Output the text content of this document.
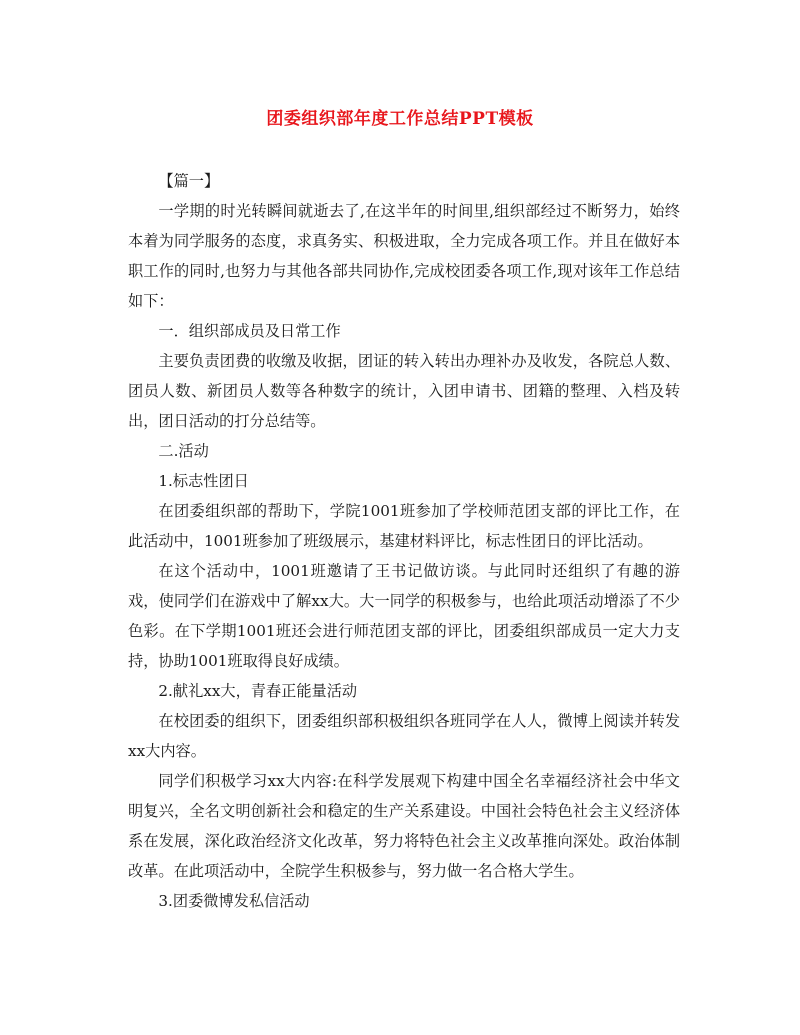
团委组织部年度工作总结PPT模板

【篇一】

一学期的时光转瞬间就逝去了,在这半年的时间里,组织部经过不断努力，始终本着为同学服务的态度，求真务实、积极进取，全力完成各项工作。并且在做好本职工作的同时,也努力与其他各部共同协作,完成校团委各项工作,现对该年工作总结如下：

一．组织部成员及日常工作

主要负责团费的收缴及收据，团证的转入转出办理补办及收发，各院总人数、团员人数、新团员人数等各种数字的统计，入团申请书、团籍的整理、入档及转出，团日活动的打分总结等。

二.活动

1.标志性团日

在团委组织部的帮助下，学院1001班参加了学校师范团支部的评比工作，在此活动中，1001班参加了班级展示，基建材料评比，标志性团日的评比活动。

在这个活动中，1001班邀请了王书记做访谈。与此同时还组织了有趣的游戏，使同学们在游戏中了解xx大。大一同学的积极参与，也给此项活动增添了不少色彩。在下学期1001班还会进行师范团支部的评比，团委组织部成员一定大力支持，协助1001班取得良好成绩。

2.献礼xx大，青春正能量活动

在校团委的组织下，团委组织部积极组织各班同学在人人，微博上阅读并转发xx大内容。

同学们积极学习xx大内容:在科学发展观下构建中国全名幸福经济社会中华文明复兴，全名文明创新社会和稳定的生产关系建设。中国社会特色社会主义经济体系在发展，深化政治经济文化改革，努力将特色社会主义改革推向深处。政治体制改革。在此项活动中，全院学生积极参与，努力做一名合格大学生。

3.团委微博发私信活动
